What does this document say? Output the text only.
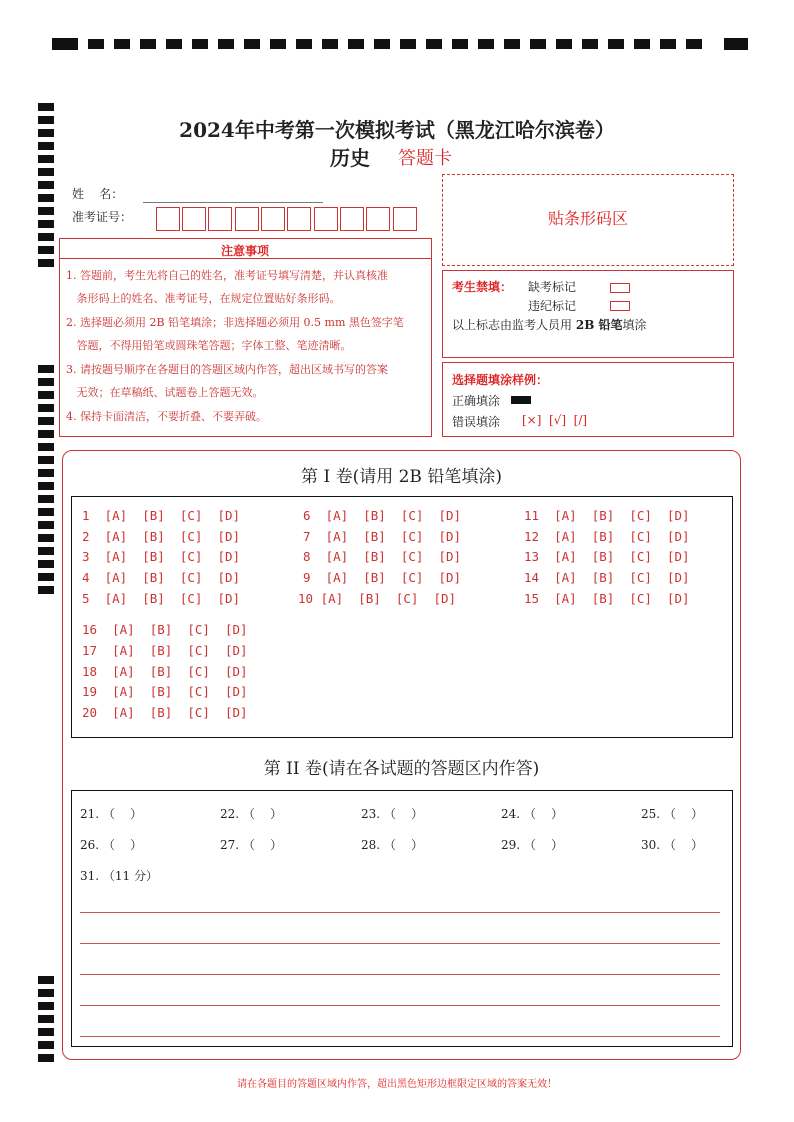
2024年中考第一次模拟考试（黑龙江哈尔滨卷）
历史 答题卡
姓    名：
准考证号：	贴条形码区
注意事项
1. 答题前，考生先将自己的姓名，准考证号填写清楚，并认真核准
条形码上的姓名、准考证号，在规定位置贴好条形码。
2. 选择题必须用 2B 铅笔填涂；非选择题必须用 0.5 mm 黑色签字笔
答题，不得用铅笔或圆珠笔答题；字体工整、笔迹清晰。
3. 请按题号顺序在各题目的答题区域内作答，超出区域书写的答案
无效；在草稿纸、试题卷上答题无效。
4. 保持卡面清洁，不要折叠、不要弄破。
考生禁填： 缺考标记
违纪标记
以上标志由监考人员用 2B 铅笔填涂
选择题填涂样例：
正确填涂
错误填涂 [×]  [√]  [/]
第 I 卷(请用 2B 铅笔填涂)
1  [A]  [B]  [C]  [D]
2  [A]  [B]  [C]  [D]
3  [A]  [B]  [C]  [D]
4  [A]  [B]  [C]  [D]
5  [A]  [B]  [C]  [D]
6  [A]  [B]  [C]  [D]
7  [A]  [B]  [C]  [D]
8  [A]  [B]  [C]  [D]
9  [A]  [B]  [C]  [D]
10 [A]  [B]  [C]  [D]
11  [A]  [B]  [C]  [D]
12  [A]  [B]  [C]  [D]
13  [A]  [B]  [C]  [D]
14  [A]  [B]  [C]  [D]
15  [A]  [B]  [C]  [D]
16  [A]  [B]  [C]  [D]
17  [A]  [B]  [C]  [D]
18  [A]  [B]  [C]  [D]
19  [A]  [B]  [C]  [D]
20  [A]  [B]  [C]  [D]
第 II 卷(请在各试题的答题区内作答)
21. （    ）	22. （    ）	23. （    ）	24. （    ）	25. （    ）
26. （    ）	27. （    ）	28. （    ）	29. （    ）	30. （    ）
31. （11 分）
请在各题目的答题区域内作答，超出黑色矩形边框限定区域的答案无效！
